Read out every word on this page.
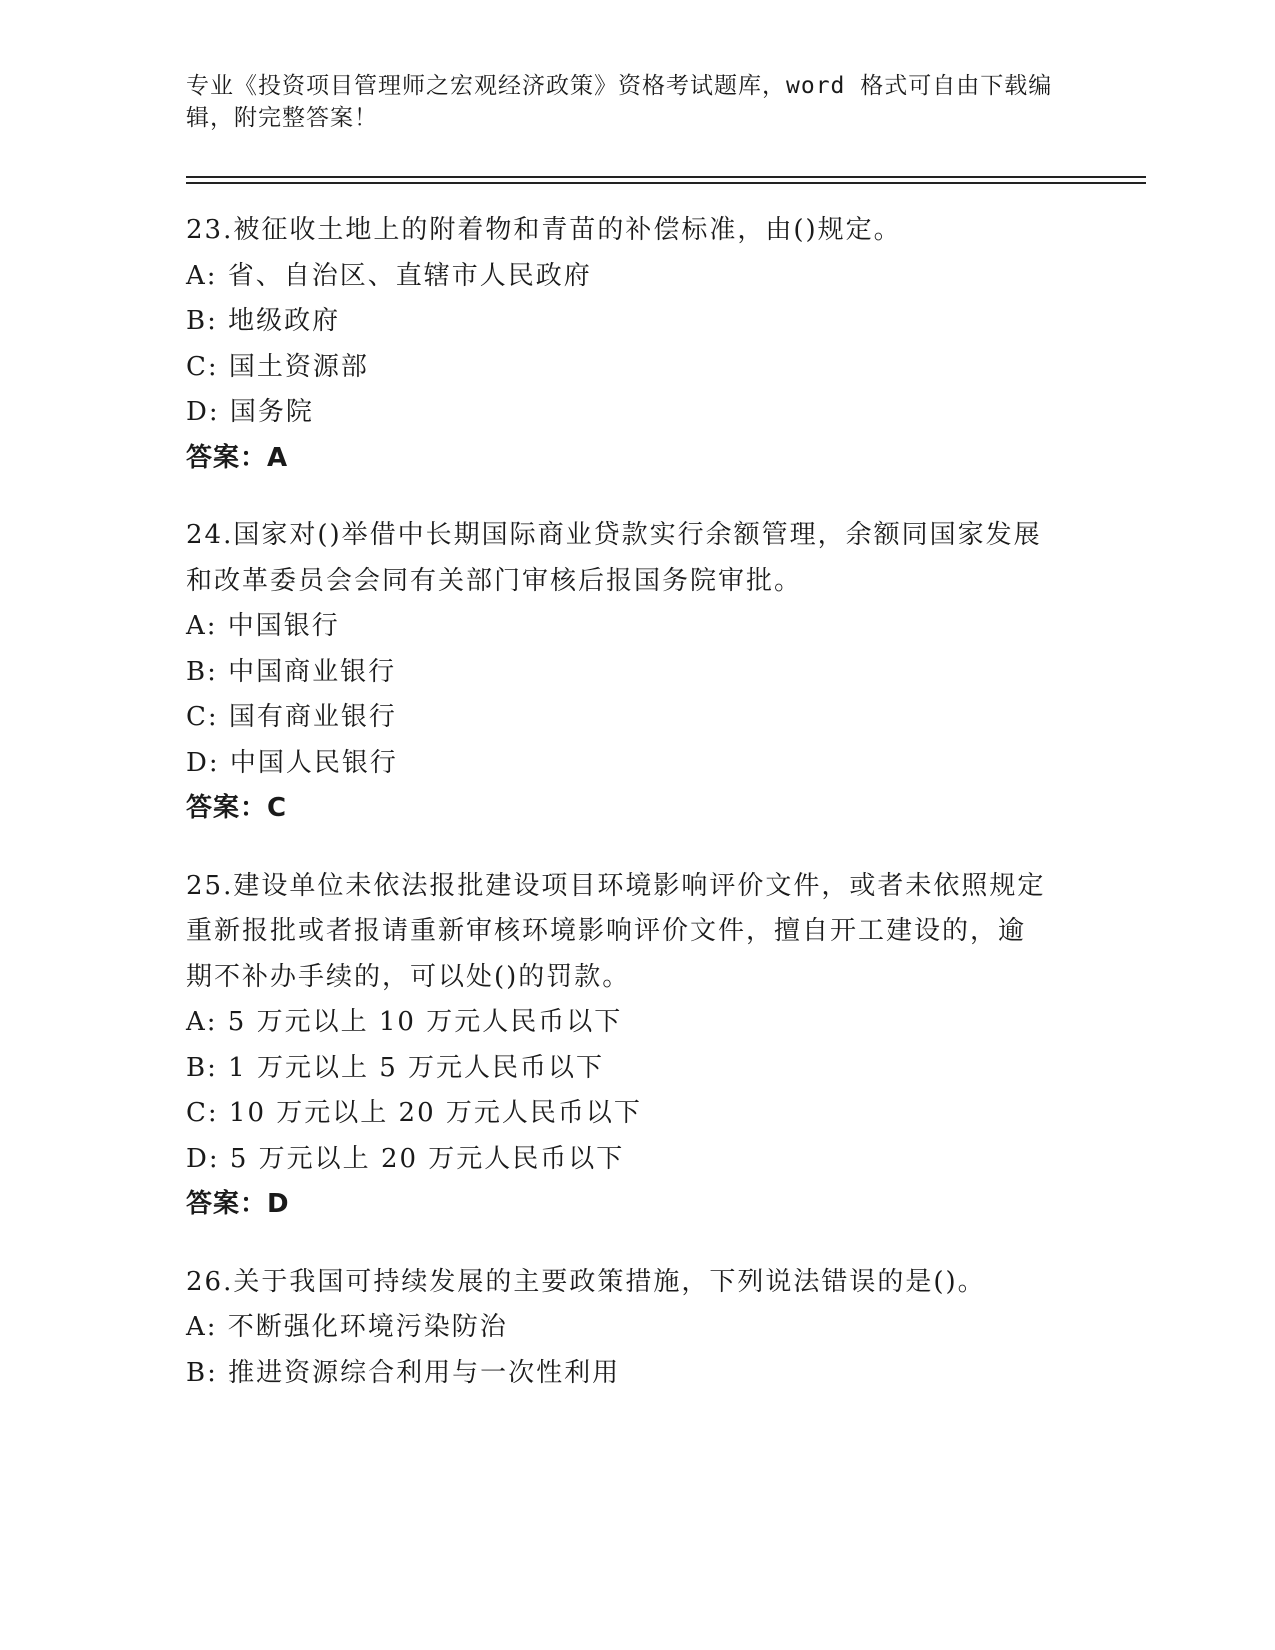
专业《投资项目管理师之宏观经济政策》资格考试题库，word 格式可自由下载编
辑，附完整答案！
23.被征收土地上的附着物和青苗的补偿标准，由()规定。
A: 省、自治区、直辖市人民政府
B: 地级政府
C: 国土资源部
D: 国务院
答案：A
24.国家对()举借中长期国际商业贷款实行余额管理，余额同国家发展
和改革委员会会同有关部门审核后报国务院审批。
A: 中国银行
B: 中国商业银行
C: 国有商业银行
D: 中国人民银行
答案：C
25.建设单位未依法报批建设项目环境影响评价文件，或者未依照规定
重新报批或者报请重新审核环境影响评价文件，擅自开工建设的，逾
期不补办手续的，可以处()的罚款。
A: 5 万元以上 10 万元人民币以下
B: 1 万元以上 5 万元人民币以下
C: 10 万元以上 20 万元人民币以下
D: 5 万元以上 20 万元人民币以下
答案：D
26.关于我国可持续发展的主要政策措施，下列说法错误的是()。
A: 不断强化环境污染防治
B: 推进资源综合利用与一次性利用
